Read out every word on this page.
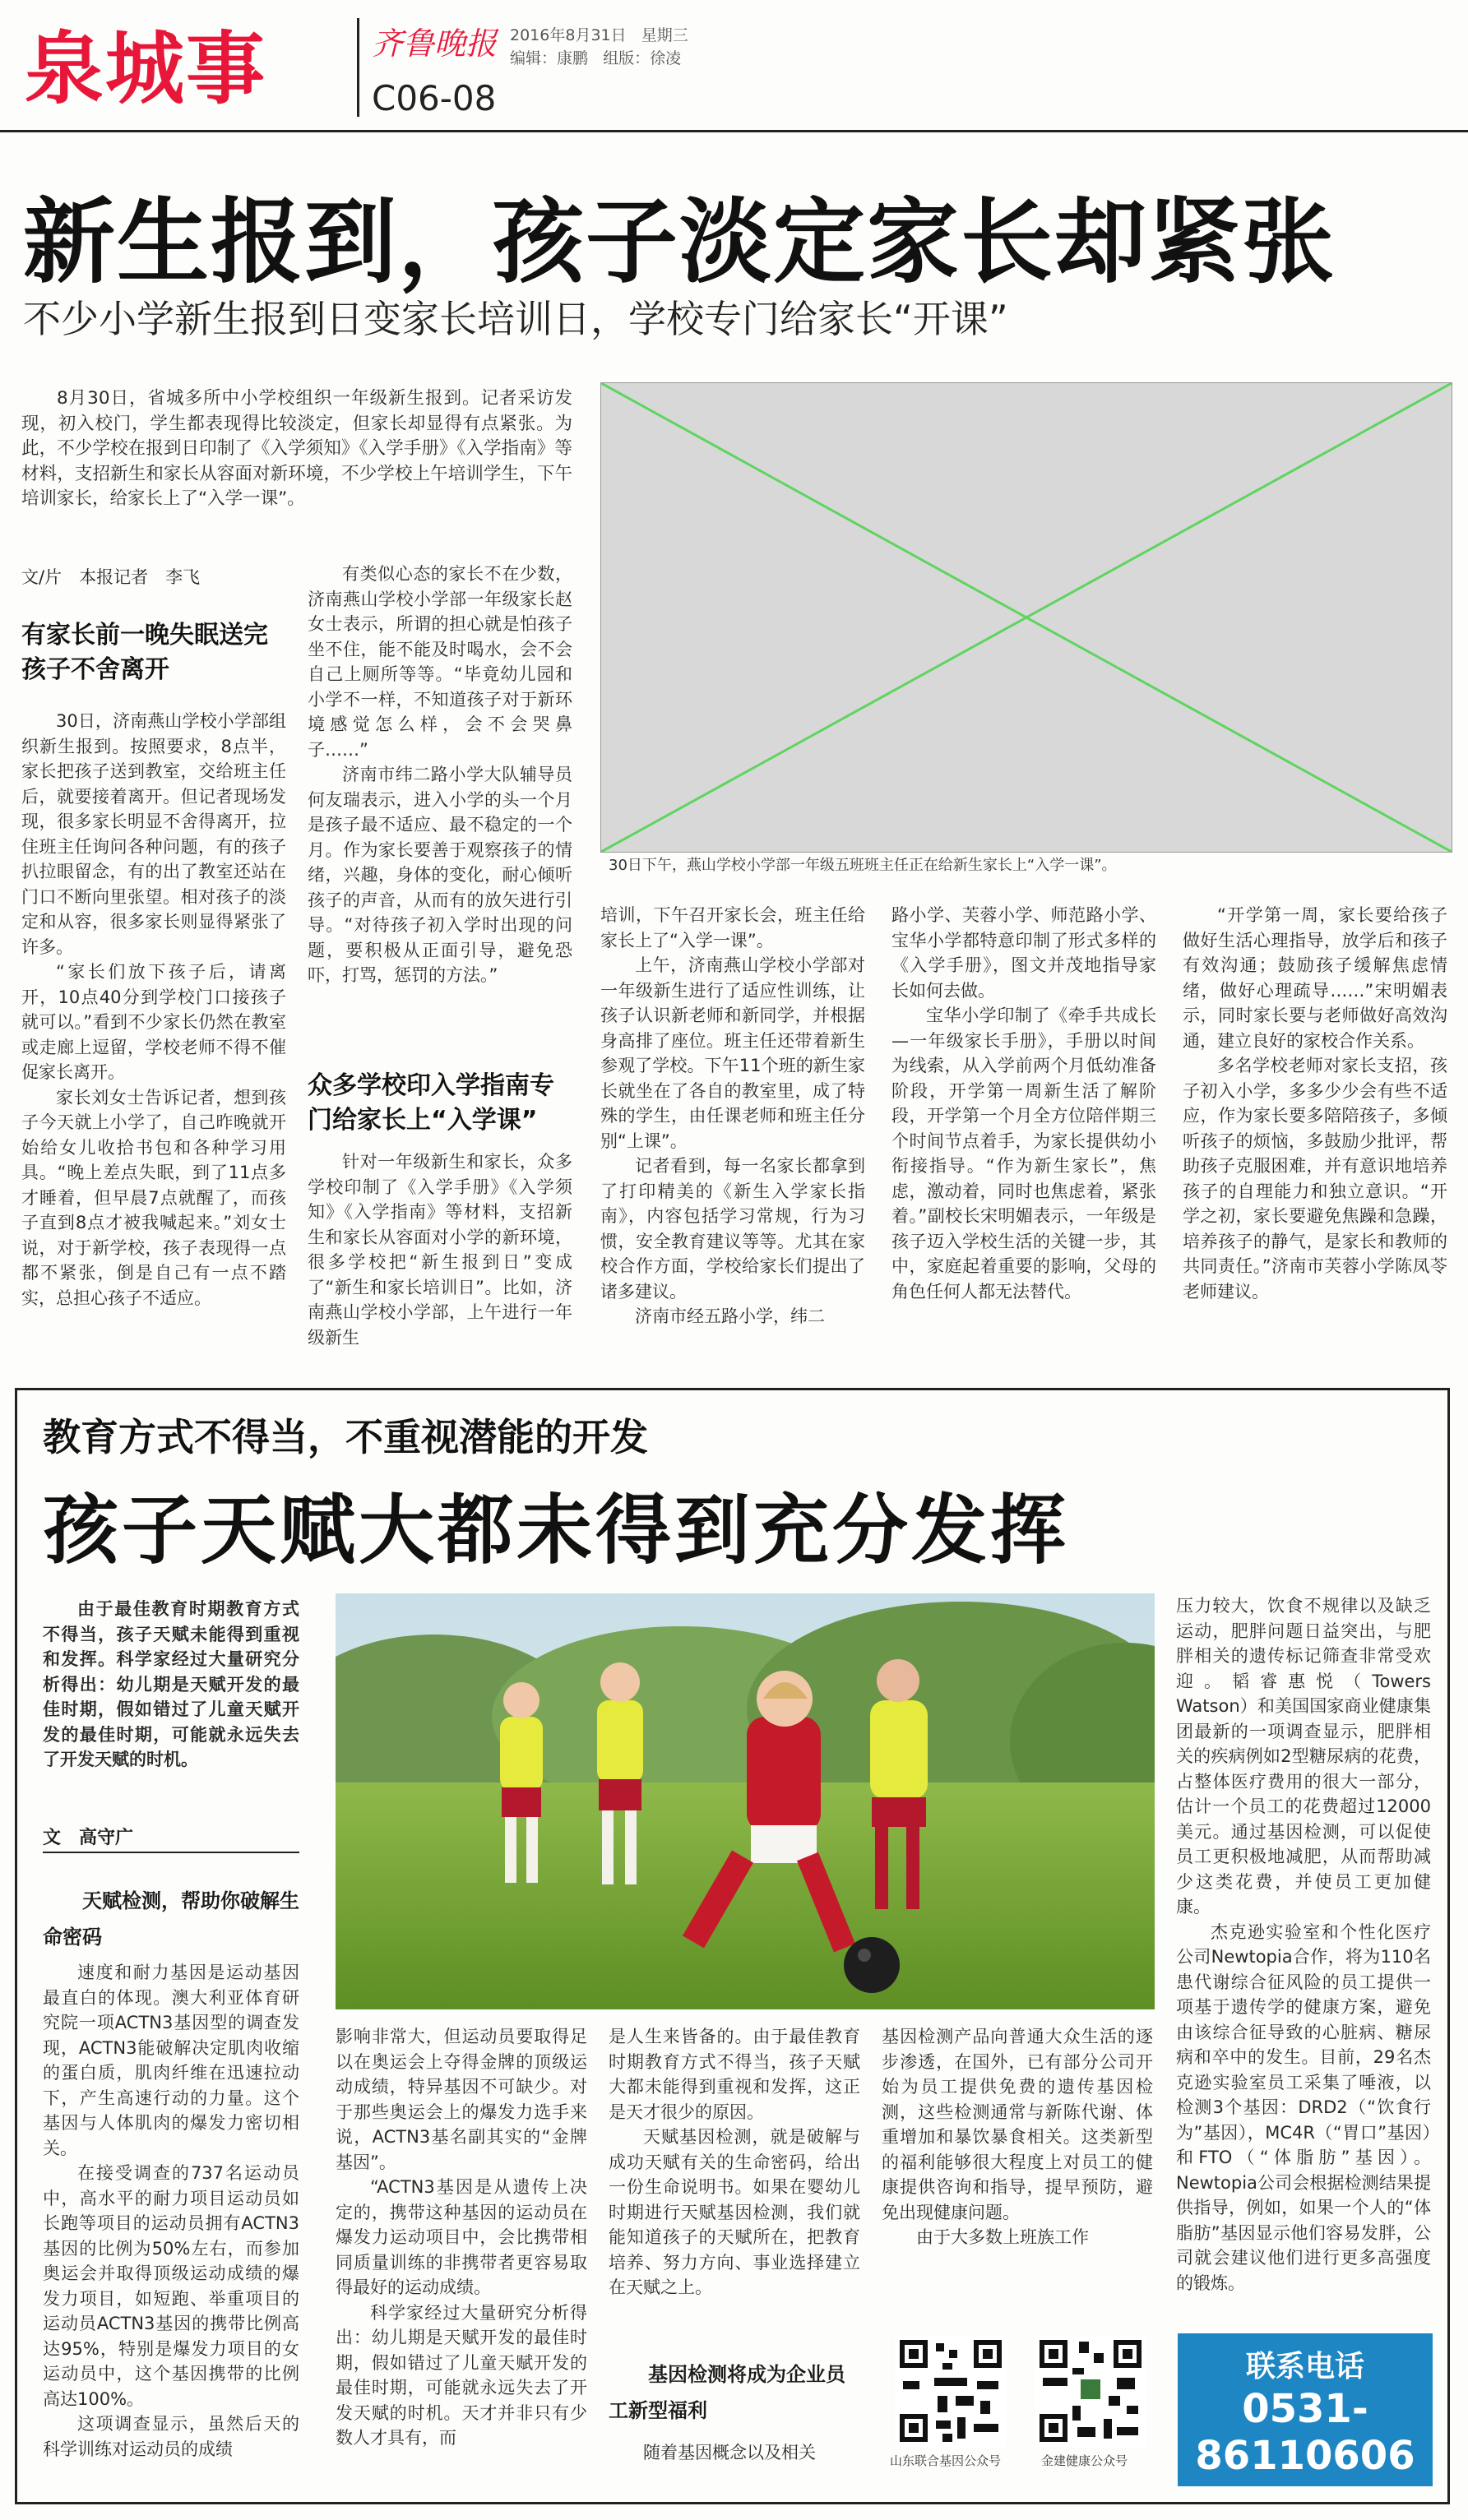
泉城事	齐鲁晚报 2016年8月31日 星期三
编辑：康鹏 组版：徐凌
C06-08
新生报到，孩子淡定家长却紧张
不少小学新生报到日变家长培训日，学校专门给家长“开课”

8月30日，省城多所中小学校组织一年级新生报到。记者采访发现，初入校门，学生都表现得比较淡定，但家长却显得有点紧张。为此，不少学校在报到日印制了《入学须知》《入学手册》《入学指南》等材料，支招新生和家长从容面对新环境，不少学校上午培训学生，下午培训家长，给家长上了“入学一课”。

30日下午，燕山学校小学部一年级五班班主任正在给新生家长上“入学一课”。
文/片　本报记者　李飞
有家长前一晚失眠送完孩子不舍离开

30日，济南燕山学校小学部组织新生报到。按照要求，8点半，家长把孩子送到教室，交给班主任后，就要接着离开。但记者现场发现，很多家长明显不舍得离开，拉住班主任询问各种问题，有的孩子扒拉眼留念，有的出了教室还站在门口不断向里张望。相对孩子的淡定和从容，很多家长则显得紧张了许多。

“家长们放下孩子后，请离开，10点40分到学校门口接孩子就可以。”看到不少家长仍然在教室或走廊上逗留，学校老师不得不催促家长离开。

家长刘女士告诉记者，想到孩子今天就上小学了，自己昨晚就开始给女儿收拾书包和各种学习用具。“晚上差点失眠，到了11点多才睡着，但早晨7点就醒了，而孩子直到8点才被我喊起来。”刘女士说，对于新学校，孩子表现得一点都不紧张，倒是自己有一点不踏实，总担心孩子不适应。

有类似心态的家长不在少数，济南燕山学校小学部一年级家长赵女士表示，所谓的担心就是怕孩子坐不住，能不能及时喝水，会不会自己上厕所等等。“毕竟幼儿园和小学不一样，不知道孩子对于新环境感觉怎么样，会不会哭鼻子……”

济南市纬二路小学大队辅导员何友瑞表示，进入小学的头一个月是孩子最不适应、最不稳定的一个月。作为家长要善于观察孩子的情绪，兴趣，身体的变化，耐心倾听孩子的声音，从而有的放矢进行引导。“对待孩子初入学时出现的问题，要积极从正面引导，避免恐吓，打骂，惩罚的方法。”

众多学校印入学指南专门给家长上“入学课”

针对一年级新生和家长，众多学校印制了《入学手册》《入学须知》《入学指南》等材料，支招新生和家长从容面对小学的新环境，很多学校把“新生报到日”变成了“新生和家长培训日”。比如，济南燕山学校小学部，上午进行一年级新生

培训，下午召开家长会，班主任给家长上了“入学一课”。

上午，济南燕山学校小学部对一年级新生进行了适应性训练，让孩子认识新老师和新同学，并根据身高排了座位。班主任还带着新生参观了学校。下午11个班的新生家长就坐在了各自的教室里，成了特殊的学生，由任课老师和班主任分别“上课”。

记者看到，每一名家长都拿到了打印精美的《新生入学家长指南》，内容包括学习常规，行为习惯，安全教育建议等等。尤其在家校合作方面，学校给家长们提出了诸多建议。

济南市经五路小学，纬二

路小学、芙蓉小学、师范路小学、宝华小学都特意印制了形式多样的《入学手册》，图文并茂地指导家长如何去做。

宝华小学印制了《牵手共成长—一年级家长手册》，手册以时间为线索，从入学前两个月低幼准备阶段，开学第一周新生活了解阶段，开学第一个月全方位陪伴期三个时间节点着手，为家长提供幼小衔接指导。“作为新生家长”，焦虑，激动着，同时也焦虑着，紧张着。”副校长宋明媚表示，一年级是孩子迈入学校生活的关键一步，其中，家庭起着重要的影响，父母的角色任何人都无法替代。

“开学第一周，家长要给孩子做好生活心理指导，放学后和孩子有效沟通；鼓励孩子缓解焦虑情绪，做好心理疏导……”宋明媚表示，同时家长要与老师做好高效沟通，建立良好的家校合作关系。

多名学校老师对家长支招，孩子初入小学，多多少少会有些不适应，作为家长要多陪陪孩子，多倾听孩子的烦恼，多鼓励少批评，帮助孩子克服困难，并有意识地培养孩子的自理能力和独立意识。“开学之初，家长要避免焦躁和急躁，培养孩子的静气，是家长和教师的共同责任。”济南市芙蓉小学陈凤苓老师建议。

教育方式不得当，不重视潜能的开发
孩子天赋大都未得到充分发挥

由于最佳教育时期教育方式不得当，孩子天赋未能得到重视和发挥。科学家经过大量研究分析得出：幼儿期是天赋开发的最佳时期，假如错过了儿童天赋开发的最佳时期，可能就永远失去了开发天赋的时机。

文　高守广
天赋检测，帮助你破解生命密码

速度和耐力基因是运动基因最直白的体现。澳大利亚体育研究院一项ACTN3基因型的调查发现，ACTN3能破解决定肌肉收缩的蛋白质，肌肉纤维在迅速拉动下，产生高速行动的力量。这个基因与人体肌肉的爆发力密切相关。

在接受调查的737名运动员中，高水平的耐力项目运动员如长跑等项目的运动员拥有ACTN3基因的比例为50%左右，而参加奥运会并取得顶级运动成绩的爆发力项目，如短跑、举重项目的运动员ACTN3基因的携带比例高达95%，特别是爆发力项目的女运动员中，这个基因携带的比例高达100%。

这项调查显示，虽然后天的科学训练对运动员的成绩

影响非常大，但运动员要取得足以在奥运会上夺得金牌的顶级运动成绩，特异基因不可缺少。对于那些奥运会上的爆发力选手来说，ACTN3基名副其实的“金牌基因”。

“ACTN3基因是从遗传上决定的，携带这种基因的运动员在爆发力运动项目中，会比携带相同质量训练的非携带者更容易取得最好的运动成绩。

科学家经过大量研究分析得出：幼儿期是天赋开发的最佳时期，假如错过了儿童天赋开发的最佳时期，可能就永远失去了开发天赋的时机。天才并非只有少数人才具有，而

是人生来皆备的。由于最佳教育时期教育方式不得当，孩子天赋大都未能得到重视和发挥，这正是天才很少的原因。

天赋基因检测，就是破解与成功天赋有关的生命密码，给出一份生命说明书。如果在婴幼儿时期进行天赋基因检测，我们就能知道孩子的天赋所在，把教育培养、努力方向、事业选择建立在天赋之上。

基因检测将成为企业员工新型福利

随着基因概念以及相关

基因检测产品向普通大众生活的逐步渗透，在国外，已有部分公司开始为员工提供免费的遗传基因检测，这些检测通常与新陈代谢、体重增加和暴饮暴食相关。这类新型的福利能够很大程度上对员工的健康提供咨询和指导，提早预防，避免出现健康问题。

由于大多数上班族工作

山东联合基因公众号	金建健康公众号

压力较大，饮食不规律以及缺乏运动，肥胖问题日益突出，与肥胖相关的遗传标记筛查非常受欢迎。韬睿惠悦（Towers Watson）和美国国家商业健康集团最新的一项调查显示，肥胖相关的疾病例如2型糖尿病的花费，占整体医疗费用的很大一部分，估计一个员工的花费超过12000美元。通过基因检测，可以促使员工更积极地减肥，从而帮助减少这类花费，并使员工更加健康。

杰克逊实验室和个性化医疗公司Newtopia合作，将为110名患代谢综合征风险的员工提供一项基于遗传学的健康方案，避免由该综合征导致的心脏病、糖尿病和卒中的发生。目前，29名杰克逊实验室员工采集了唾液，以检测3个基因：DRD2（“饮食行为”基因），MC4R（“胃口”基因）和FTO（“体脂肪”基因）。Newtopia公司会根据检测结果提供指导，例如，如果一个人的“体脂肪”基因显示他们容易发胖，公司就会建议他们进行更多高强度的锻炼。

联系电话
0531-
86110606
